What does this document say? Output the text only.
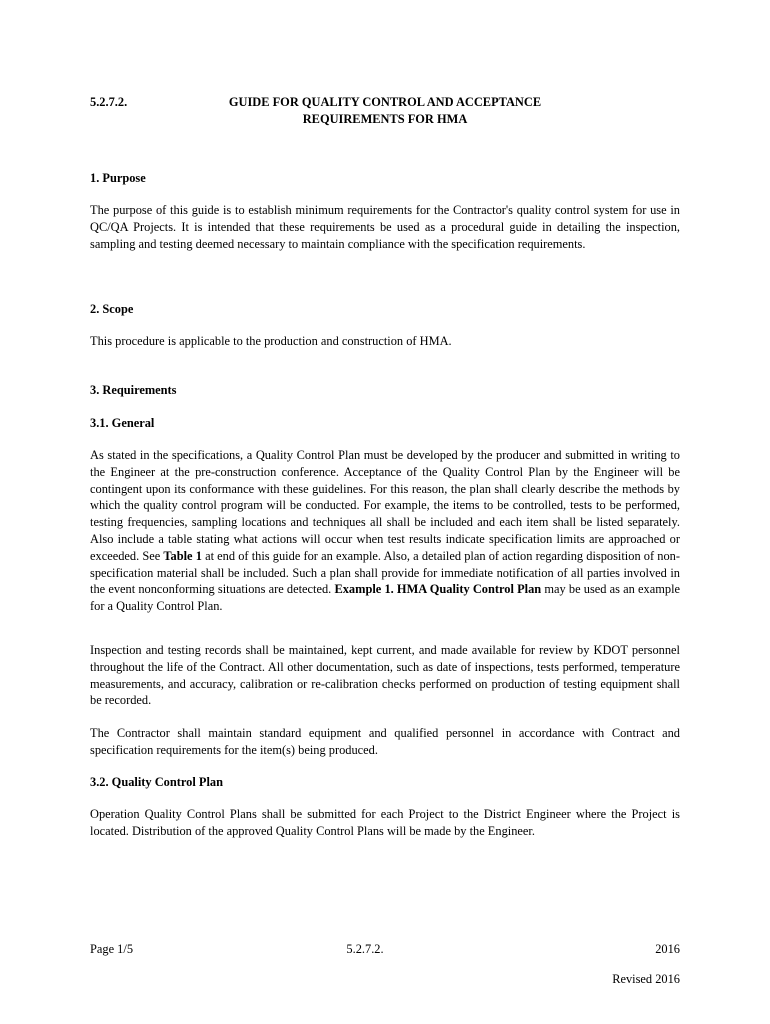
5.2.7.2.	GUIDE FOR QUALITY CONTROL AND ACCEPTANCE
REQUIREMENTS FOR HMA
1. Purpose

The purpose of this guide is to establish minimum requirements for the Contractor's quality control system for use in QC/QA Projects. It is intended that these requirements be used as a procedural guide in detailing the inspection, sampling and testing deemed necessary to maintain compliance with the specification requirements.

2. Scope

This procedure is applicable to the production and construction of HMA.

3. Requirements
3.1. General

As stated in the specifications, a Quality Control Plan must be developed by the producer and submitted in writing to the Engineer at the pre-construction conference. Acceptance of the Quality Control Plan by the Engineer will be contingent upon its conformance with these guidelines. For this reason, the plan shall clearly describe the methods by which the quality control program will be conducted. For example, the items to be controlled, tests to be performed, testing frequencies, sampling locations and techniques all shall be included and each item shall be listed separately. Also include a table stating what actions will occur when test results indicate specification limits are approached or exceeded. See Table 1 at end of this guide for an example. Also, a detailed plan of action regarding disposition of non-specification material shall be included. Such a plan shall provide for immediate notification of all parties involved in the event nonconforming situations are detected. Example 1. HMA Quality Control Plan may be used as an example for a Quality Control Plan.

Inspection and testing records shall be maintained, kept current, and made available for review by KDOT personnel throughout the life of the Contract. All other documentation, such as date of inspections, tests performed, temperature measurements, and accuracy, calibration or re-calibration checks performed on production of testing equipment shall be recorded.

The Contractor shall maintain standard equipment and qualified personnel in accordance with Contract and specification requirements for the item(s) being produced.

3.2. Quality Control Plan

Operation Quality Control Plans shall be submitted for each Project to the District Engineer where the Project is located. Distribution of the approved Quality Control Plans will be made by the Engineer.

Page 1/5	5.2.7.2.	2016
Revised 2016
